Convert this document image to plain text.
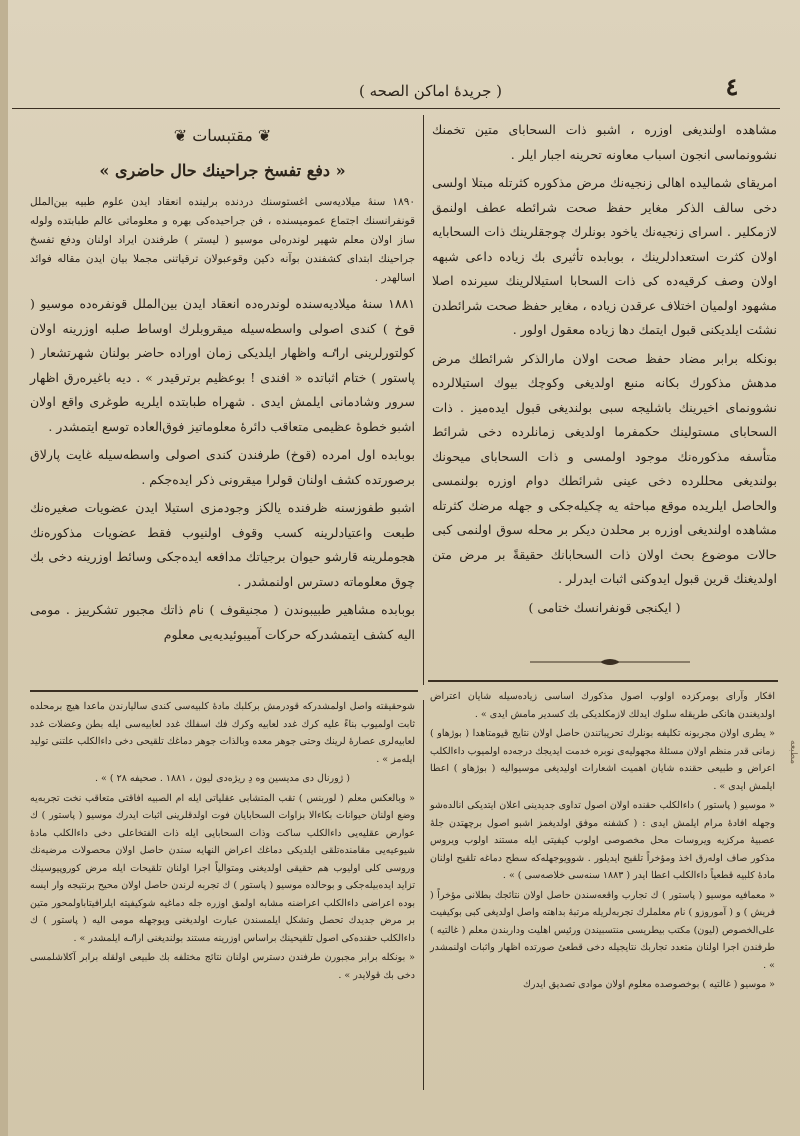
( جريدهٔ اماكن الصحه )	٤

مشاهده اولندیغی اوزره ، اشبو ذات السحابای متین تخمنك نشوونماسی انجون اسباب معاونه تحرینه اجبار ایلر .

امریقای شمالیده اهالی زنجیه‌نك مرض مذکوره کثرتله مبتلا اولسی دخی سالف الذکر مغایر حفظ صحت شرائطه عطف اولنمق لازمکلیر . اسرای زنجیه‌نك یاخود بونلرك چوجقلرینك ذات السحابایه اولان کثرت استعدادلرینك ، بوبابده تأثیری بك زیاده داعی شبهه اولان وصف کرقیه‌ده کی ذات السحابا استیلالرینك سیرنده اصلا مشهود اولمیان اختلاف عرقدن زیاده ، مغایر حفظ صحت شرائطدن نشئت ایلدیکنی قبول ایتمك دها زیاده معقول اولور .

بونکله برابر مضاد حفظ صحت اولان مارالذکر شرائطك مرض مدهش مذکورك بکانه منبع اولدیغی وکوچك بیوك استیلالرده نشوونمای اخیرینك باشلیجه سبی بولندیغی قبول ایده‌میز . ذات السحابای مستولینك حکمفرما اولدیغی زمانلرده دخی شرائط متأسفه مذکوره‌نك موجود اولمسی و ذات السحابای میحونك بولندیغی محللرده دخی عینی شرائطك دوام اوزره بولنمسی والحاصل ایلریده موقع مباحثه یه چکیله‌جکی و جهله مرضك کثرتله مشاهده اولندیغی اوزره بر محلدن دیکر بر محله سوق اولنمی کبی حالات موضوع بحث اولان ذات السحابانك حقیقةً بر مرض متن اولدیغنك قرین قبول ایدوکنی اثبات ایدرلر .

( ایکنجی قونفرانسك ختامی )

❦ مقتبسات ❦
« دفع تفسخ جراحینك حال حاضری »

۱۸۹۰ سنهٔ میلادیه‌سی اغستوسنك دردنده برلینده انعقاد ایدن علوم طبیه بین‌الملل قونفرانسنك اجتماع عمومیسنده ، فن جراحیده‌کی بهره و معلوماتی عالم طبابتده ولوله ساز اولان معلم شهیر لوندره‌لی موسیو ( لیستر ) طرفندن ایراد اولنان ودفع تفسخ جراحینك ابتدای کشفندن بوآنه دکین وقوعبولان ترقیاتنی مجملا بیان ایدن مقاله فوائد اسالهدر .

۱۸۸۱ سنهٔ میلادیه‌سنده لوندره‌ده انعقاد ایدن بین‌الملل قونفره‌ده موسیو ( قوخ ) کندی اصولی واسطه‌سیله میقروبلرك اوساط صلبه اوزرینه اولان کولتورلرینی اراٸه واظهار ایلدیکی زمان اوراده حاضر بولنان شهرتشعار ( پاستور ) ختام اثباتده « افندی ! بوعظیم برترقیدر » . دیه باغیره‌رق اظهار سرور وشادمانی ایلمش ایدی . شهراه طبابتده ایلریه طوغری واقع اولان اشبو خطوهٔ عظیمی متعاقب دائرهٔ معلوماتیز فوق‌العاده توسع ایتمشدر .

بوبابده اول امرده (قوخ) طرفندن کندی اصولی واسطه‌سیله غایت پارلاق برصورتده کشف اولنان قولرا میقرونی ذکر ایده‌جکم .

اشبو طفوزسنه ظرفنده یالکز وجودمزی استیلا ایدن عضویات صغیره‌نك طبعت واعتیادلرینه کسب وقوف اولنیوب فقط عضویات مذکوره‌نك هجوملرینه قارشو حیوان برجیاتك مدافعه ایده‌جکی وسائط اوزرینه دخی بك چوق معلوماته دسترس اولنمشدر .

بوبابده مشاهیر طبیبوندن ( مجنیقوف ) نام ذاتك مجبور تشکرییز . مومی الیه کشف ایتمشدرکه حرکات آمیبوئیدیه‌یی معلوم

شوحقیقته واصل اولمشدرکه قودرمش برکلبك مادهٔ کلبیه‌سی کندی سالیارندن ماعدا هیچ برمحلده ثابت اولمیوب بناءً علیه کرك غدد لعابیه وکرك فك اسفلك غدد لعابیه‌سی ایله بطن وعضلات غدد لعابیه‌لری عصارهٔ لرینك وحتی جوهر معده وبالذات جوهر دماغك تلقیحی دخی داءالکلب علتنی تولید ایله‌مز » .

( ژورنال دی مدیسین وه دِ ریژه‌دی لیون ، ۱۸۸۱ . صحیفه ۲۸ ) » .

« وبالعکس معلم ( لوربنس ) تقب المتشابی عقلیاتی ایله ام الصبیه افاقتی متعاقب نخت تجربه‌یه وضع اولنان حیوانات بکاءالا بزاوات السحابایان فوت اولدقلرینی اثبات ایدرك موسیو ( پاستور ) ك عوارض عقلیه‌یی داءالکلب ساکت وذات السحابایی ایله ذات الفتخاعلی دخی داءالکلب مادهٔ شیوعیه‌یی مقامنده‌تلقی ایلدیکی دماغك اعراض النهایه سندن حاصل اولان محصولات مرضیه‌نك وروسی کلی اولیوب هم حقیقی اولدیغنی ومتوالیاً اجرا اولنان تلقیحات ایله مرض کوروپیوسینك تزاید ایده‌بیله‌جکی و بوحالده موسیو ( پاستور ) ك تجربه لرندن حاصل اولان محیح برنتیجه وار ایسه بوده اعراضی داءالکلب اعراضنه مشابه اولمق اوزره جله دماغیه شوکیفیته ایلرافیتاباولمحور متین بر مرض جدیدك تحصل وتشکل ایلمسندن عبارت اولدیغنی ویوجهله مومی الیه ( پاستور ) ك داءالکلب حقنده‌کی اصول تلقیحینك براساس اوزرینه مستند بولندیغنی اراٸه ایلمشدر » .

« بونکله برابر مجبورن طرفندن دسترس اولنان نتائج مختلفه بك طبیعی اولقله برابر آکلاشلمسی دخی بك قولایدر » .

افکار وآرای بومرکزده اولوب اصول مذکورك اساسی زیاده‌سیله شایان اعتراض اولدیغندن هانکی طریقله سلوك ایدلك لازمکلدیکی بك کسدیر مامش ایدی » .

« یطری اولان مجربونه تکلیفه بونلرك تحریباتندن حاصل اولان نتایج قیومتاهدا ( بوژهاو ) زمانی قدر منظم اولان مسئلهٔ مجهولیه‌ی نوبره خدمت ایدیجك درجه‌ده اولمیوب داءالکلب اعراض و طبیعی حقنده شایان اهمیت اشعارات اولیدیغی موسیوالیه ( بوژهاو ) اعطا ایلمش ایدی » .

« موسیو ( پاستور ) داءالکلب حقنده اولان اصول تداوی جدیدینی اعلان ایتدیکی انالده‌شو وجهله افادهٔ مرام ایلمش ایدی : ( کشفنه موفق اولدیغمز اشبو اصول برچهتدن جلهٔ عصبیهٔ مرکزیه ویروسات محل مخصوصی اولوب کیفیتی ایله مستند اولوب ویروس مذکور صاف اوله‌رق اخذ ومؤخراً تلقیح ایدیلور . شوویوجهله‌که سطح دماغه تلقیح اولنان مادهٔ کلبیه قطعیاً داءالکلب اعطا ایدر ( ۱۸۸۳ سنه‌سی خلاصه‌سی ) » .

« معمافیه موسیو ( پاستور ) ك تجارب واقعه‌سندن حاصل اولان نتائجك بطلانی مؤخراً ( فریش ) و ( آموروزو ) نام معلملرك تجربه‌لریله مرتبهٔ بداهته واصل اولدیغی کبی بوکیفیت علی‌الخصوص (لیون) مکتب بیطریسی منتسبیندن ورئیس اهلیت وداربندن معلم ( غالتیه ) طرفندن اجرا اولنان متعدد تجاربك نتایجیله دخی قطعیٔ صورتده اظهار واثبات اولنمشدر » .

« موسیو ( غالتیه ) بوخصوصده معلوم اولان موادی تصدیق ایدرك

ﻣﻄﺒﻌﻪ
